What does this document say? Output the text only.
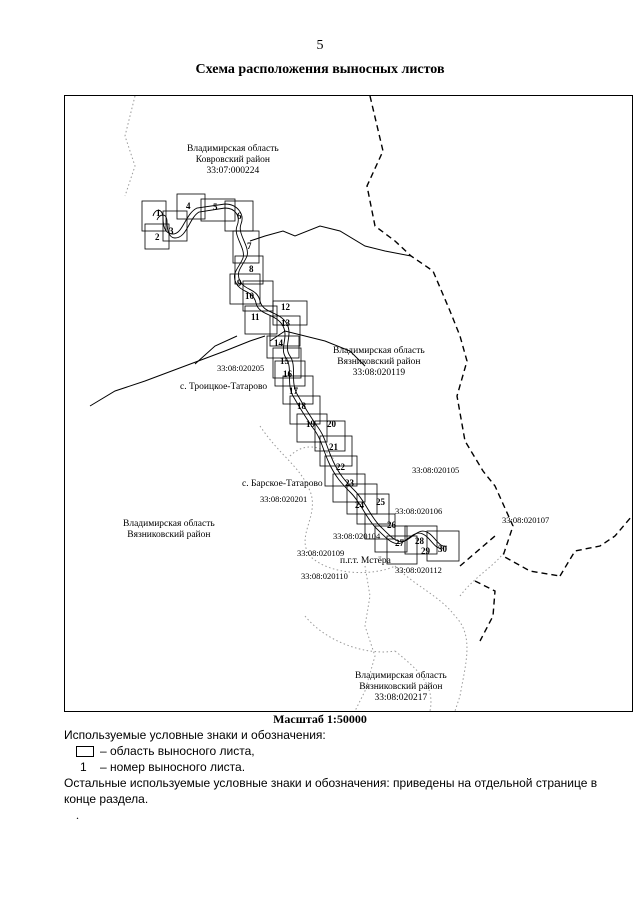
5
Схема расположения выносных листов
Владимирская область
Ковровский район
33:07:000224
Владимирская область
Вязниковский район
33:08:020119
Владимирская область
Вязниковский район
Владимирская область
Вязниковский район
33:08:020217
33:08:020205
с. Троицкое-Татарово
с. Барское-Татарово
33:08:020201
п.г.т. Мстёра
33:08:020105
33:08:020106
33:08:020107
33:08:020104
33:08:020109
33:08:020112
33:08:020110
1
2
3
4	5
6
7
8
9
10
11
12
13
14
15
16
17
18
19 20
21
22
23
24 25
26
27 28
29 30
Масштаб 1:50000
Используемые условные знаки и обозначения:
– область выносного листа,
1 – номер выносного листа.
Остальные используемые условные знаки и обозначения: приведены на отдельной странице в конце раздела.
.
